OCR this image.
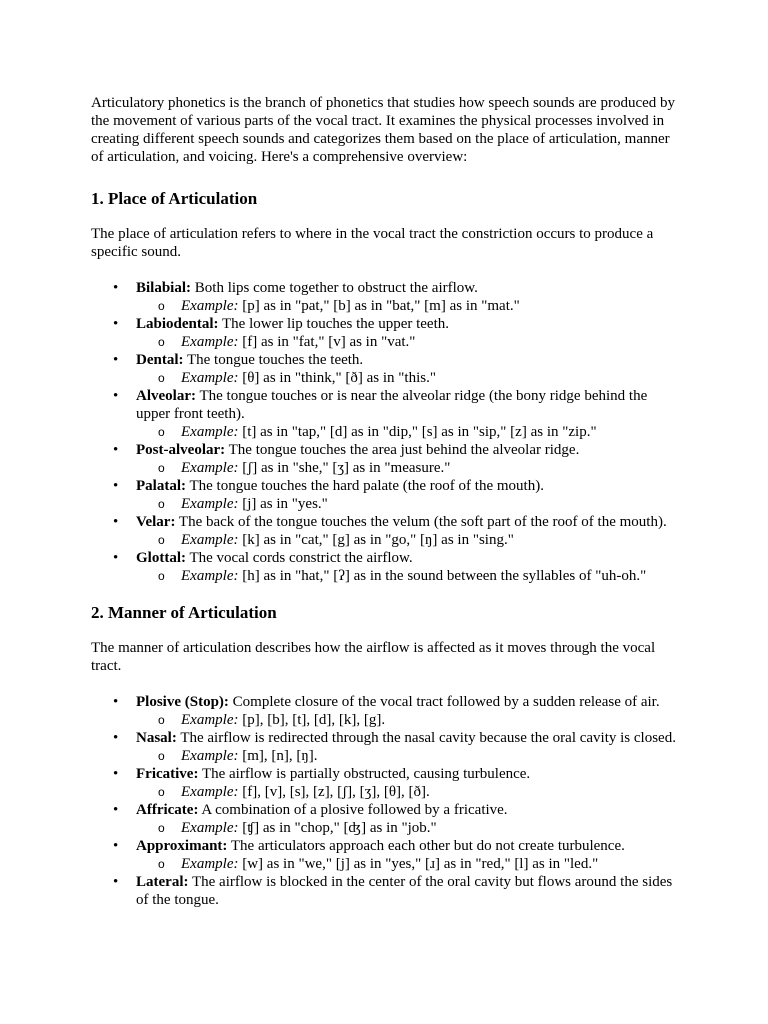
Articulatory phonetics is the branch of phonetics that studies how speech sounds are produced by the movement of various parts of the vocal tract. It examines the physical processes involved in creating different speech sounds and categorizes them based on the place of articulation, manner of articulation, and voicing. Here's a comprehensive overview:

1. Place of Articulation

The place of articulation refers to where in the vocal tract the constriction occurs to produce a specific sound.

• Bilabial: Both lips come together to obstruct the airflow.
o Example: [p] as in "pat," [b] as in "bat," [m] as in "mat."
• Labiodental: The lower lip touches the upper teeth.
o Example: [f] as in "fat," [v] as in "vat."
• Dental: The tongue touches the teeth.
o Example: [θ] as in "think," [ð] as in "this."
• Alveolar: The tongue touches or is near the alveolar ridge (the bony ridge behind the upper front teeth).
o Example: [t] as in "tap," [d] as in "dip," [s] as in "sip," [z] as in "zip."
• Post-alveolar: The tongue touches the area just behind the alveolar ridge.
o Example: [ʃ] as in "she," [ʒ] as in "measure."
• Palatal: The tongue touches the hard palate (the roof of the mouth).
o Example: [j] as in "yes."
• Velar: The back of the tongue touches the velum (the soft part of the roof of the mouth).
o Example: [k] as in "cat," [g] as in "go," [ŋ] as in "sing."
• Glottal: The vocal cords constrict the airflow.
o Example: [h] as in "hat," [ʔ] as in the sound between the syllables of "uh-oh."
2. Manner of Articulation

The manner of articulation describes how the airflow is affected as it moves through the vocal tract.

• Plosive (Stop): Complete closure of the vocal tract followed by a sudden release of air.
o Example: [p], [b], [t], [d], [k], [g].
• Nasal: The airflow is redirected through the nasal cavity because the oral cavity is closed.
o Example: [m], [n], [ŋ].
• Fricative: The airflow is partially obstructed, causing turbulence.
o Example: [f], [v], [s], [z], [ʃ], [ʒ], [θ], [ð].
• Affricate: A combination of a plosive followed by a fricative.
o Example: [ʧ] as in "chop," [ʤ] as in "job."
• Approximant: The articulators approach each other but do not create turbulence.
o Example: [w] as in "we," [j] as in "yes," [ɹ] as in "red," [l] as in "led."
• Lateral: The airflow is blocked in the center of the oral cavity but flows around the sides of the tongue.
